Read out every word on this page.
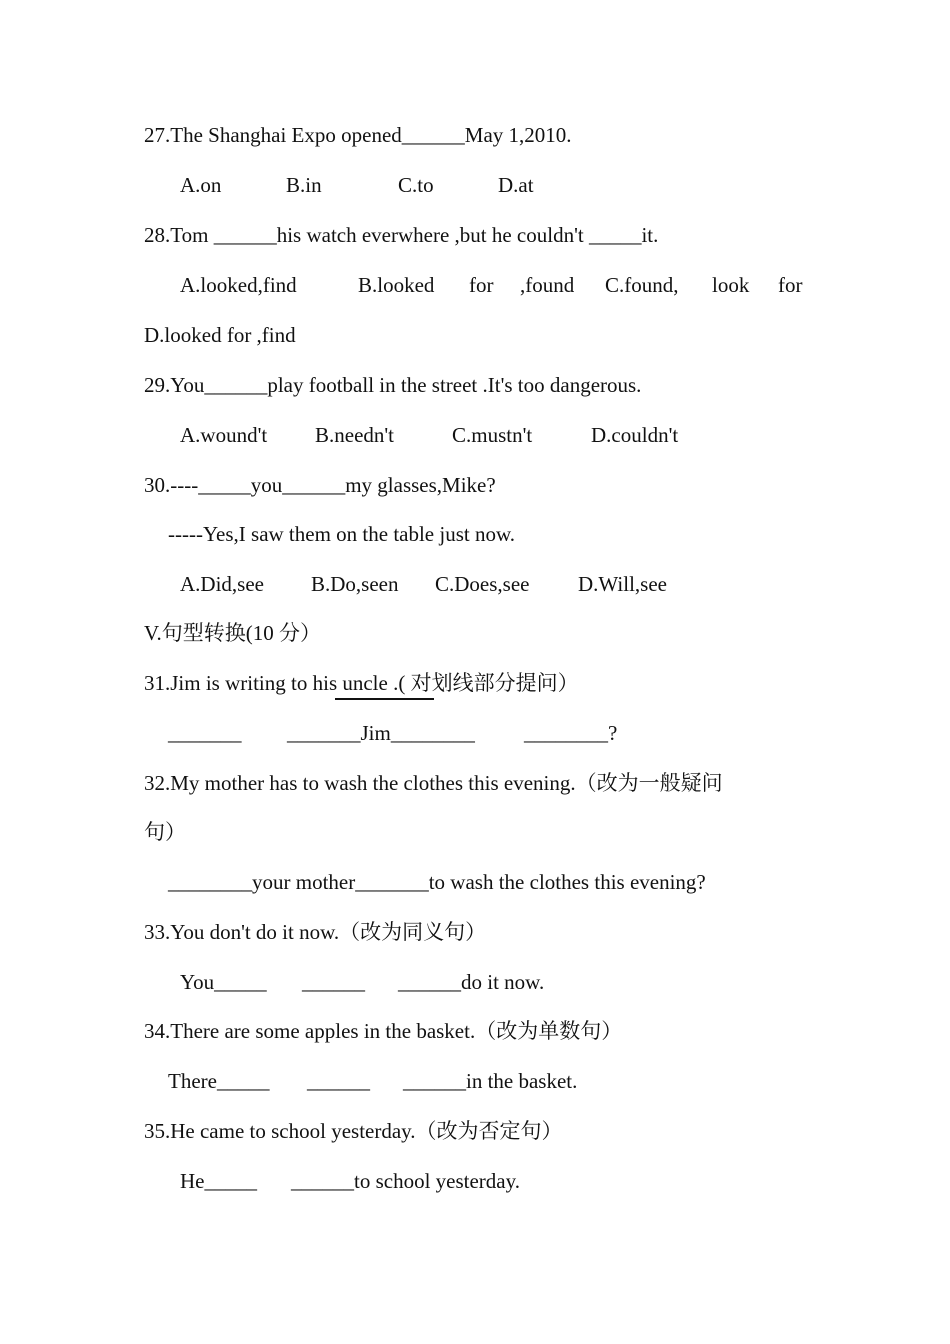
27.The Shanghai Expo opened______May 1,2010.
A.on	B.in	C.to	D.at
28.Tom ______his watch everwhere ,but he couldn't _____it.
A.looked,find	B.looked for ,found C.found, look for
D.looked for ,find
29.You______play football in the street .It's too dangerous.
A.wound't B.needn't	C.mustn't	D.couldn't
30.----_____you______my glasses,Mike?
-----Yes,I saw them on the table just now.
A.Did,see B.Do,seen C.Does,see D.Will,see
V.句型转换(10 分）
31.Jim is writing to his uncle .( 对划线部分提问）
_______ _______Jim________ ________?
32.My mother has to wash the clothes this evening.（改为一般疑问
句）
________your mother_______to wash the clothes this evening?
33.You don't do it now.（改为同义句）
You_____ ______ ______do it now.
34.There are some apples in the basket.（改为单数句）
There_____ ______ ______in the basket.
35.He came to school yesterday.（改为否定句）
He_____ ______to school yesterday.
